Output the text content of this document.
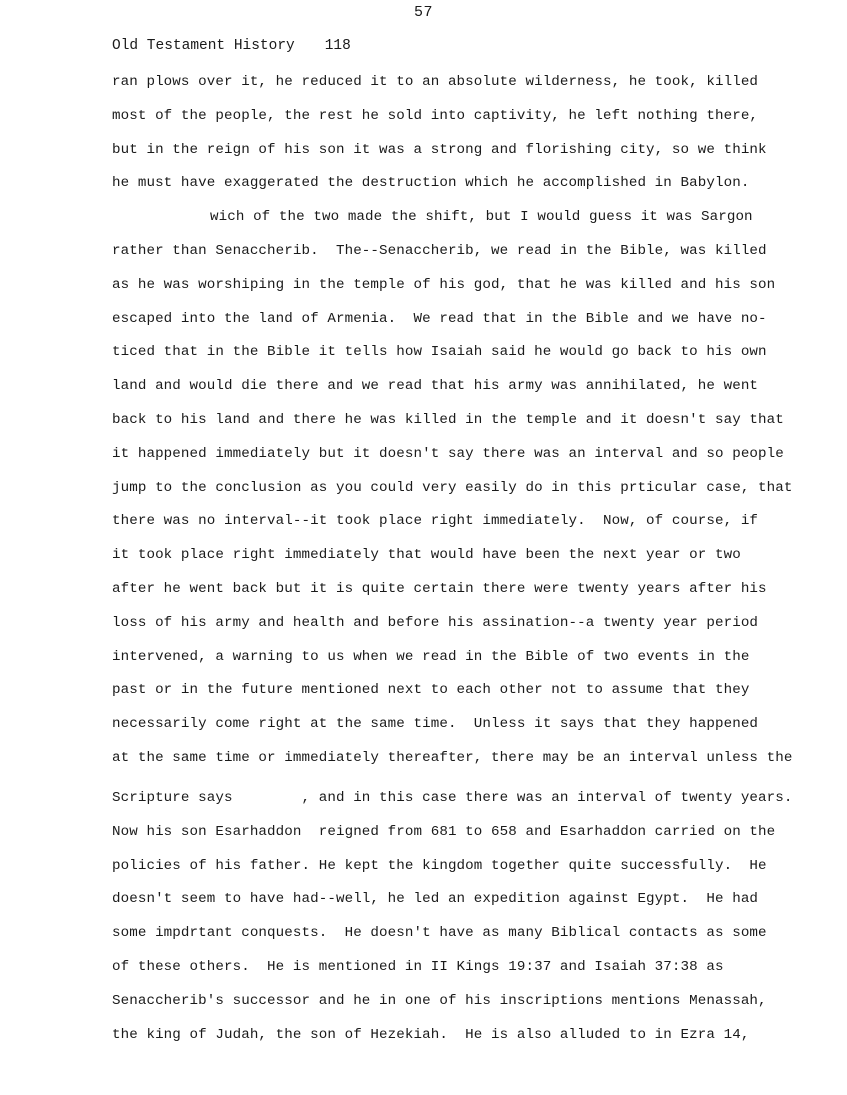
57
Old Testament History 118
ran plows over it, he reduced it to an absolute wilderness, he took, killed
most of the people, the rest he sold into captivity, he left nothing there,
but in the reign of his son it was a strong and florishing city, so we think
he must have exaggerated the destruction which he accomplished in Babylon.
wich of the two made the shift, but I would guess it was Sargon
rather than Senaccherib.  The--Senaccherib, we read in the Bible, was killed
as he was worshiping in the temple of his god, that he was killed and his son
escaped into the land of Armenia.  We read that in the Bible and we have no-
ticed that in the Bible it tells how Isaiah said he would go back to his own
land and would die there and we read that his army was annihilated, he went
back to his land and there he was killed in the temple and it doesn't say that
it happened immediately but it doesn't say there was an interval and so people
jump to the conclusion as you could very easily do in this prticular case, that
there was no interval--it took place right immediately.  Now, of course, if
it took place right immediately that would have been the next year or two
after he went back but it is quite certain there were twenty years after his
loss of his army and health and before his assination--a twenty year period
intervened, a warning to us when we read in the Bible of two events in the
past or in the future mentioned next to each other not to assume that they
necessarily come right at the same time.  Unless it says that they happened
at the same time or immediately thereafter, there may be an interval unless the
Scripture says        , and in this case there was an interval of twenty years.
Now his son Esarhaddon  reigned from 681 to 658 and Esarhaddon carried on the
policies of his father. He kept the kingdom together quite successfully.  He
doesn't seem to have had--well, he led an expedition against Egypt.  He had
some impdrtant conquests.  He doesn't have as many Biblical contacts as some
of these others.  He is mentioned in II Kings 19:37 and Isaiah 37:38 as
Senaccherib's successor and he in one of his inscriptions mentions Menassah,
the king of Judah, the son of Hezekiah.  He is also alluded to in Ezra 14,
